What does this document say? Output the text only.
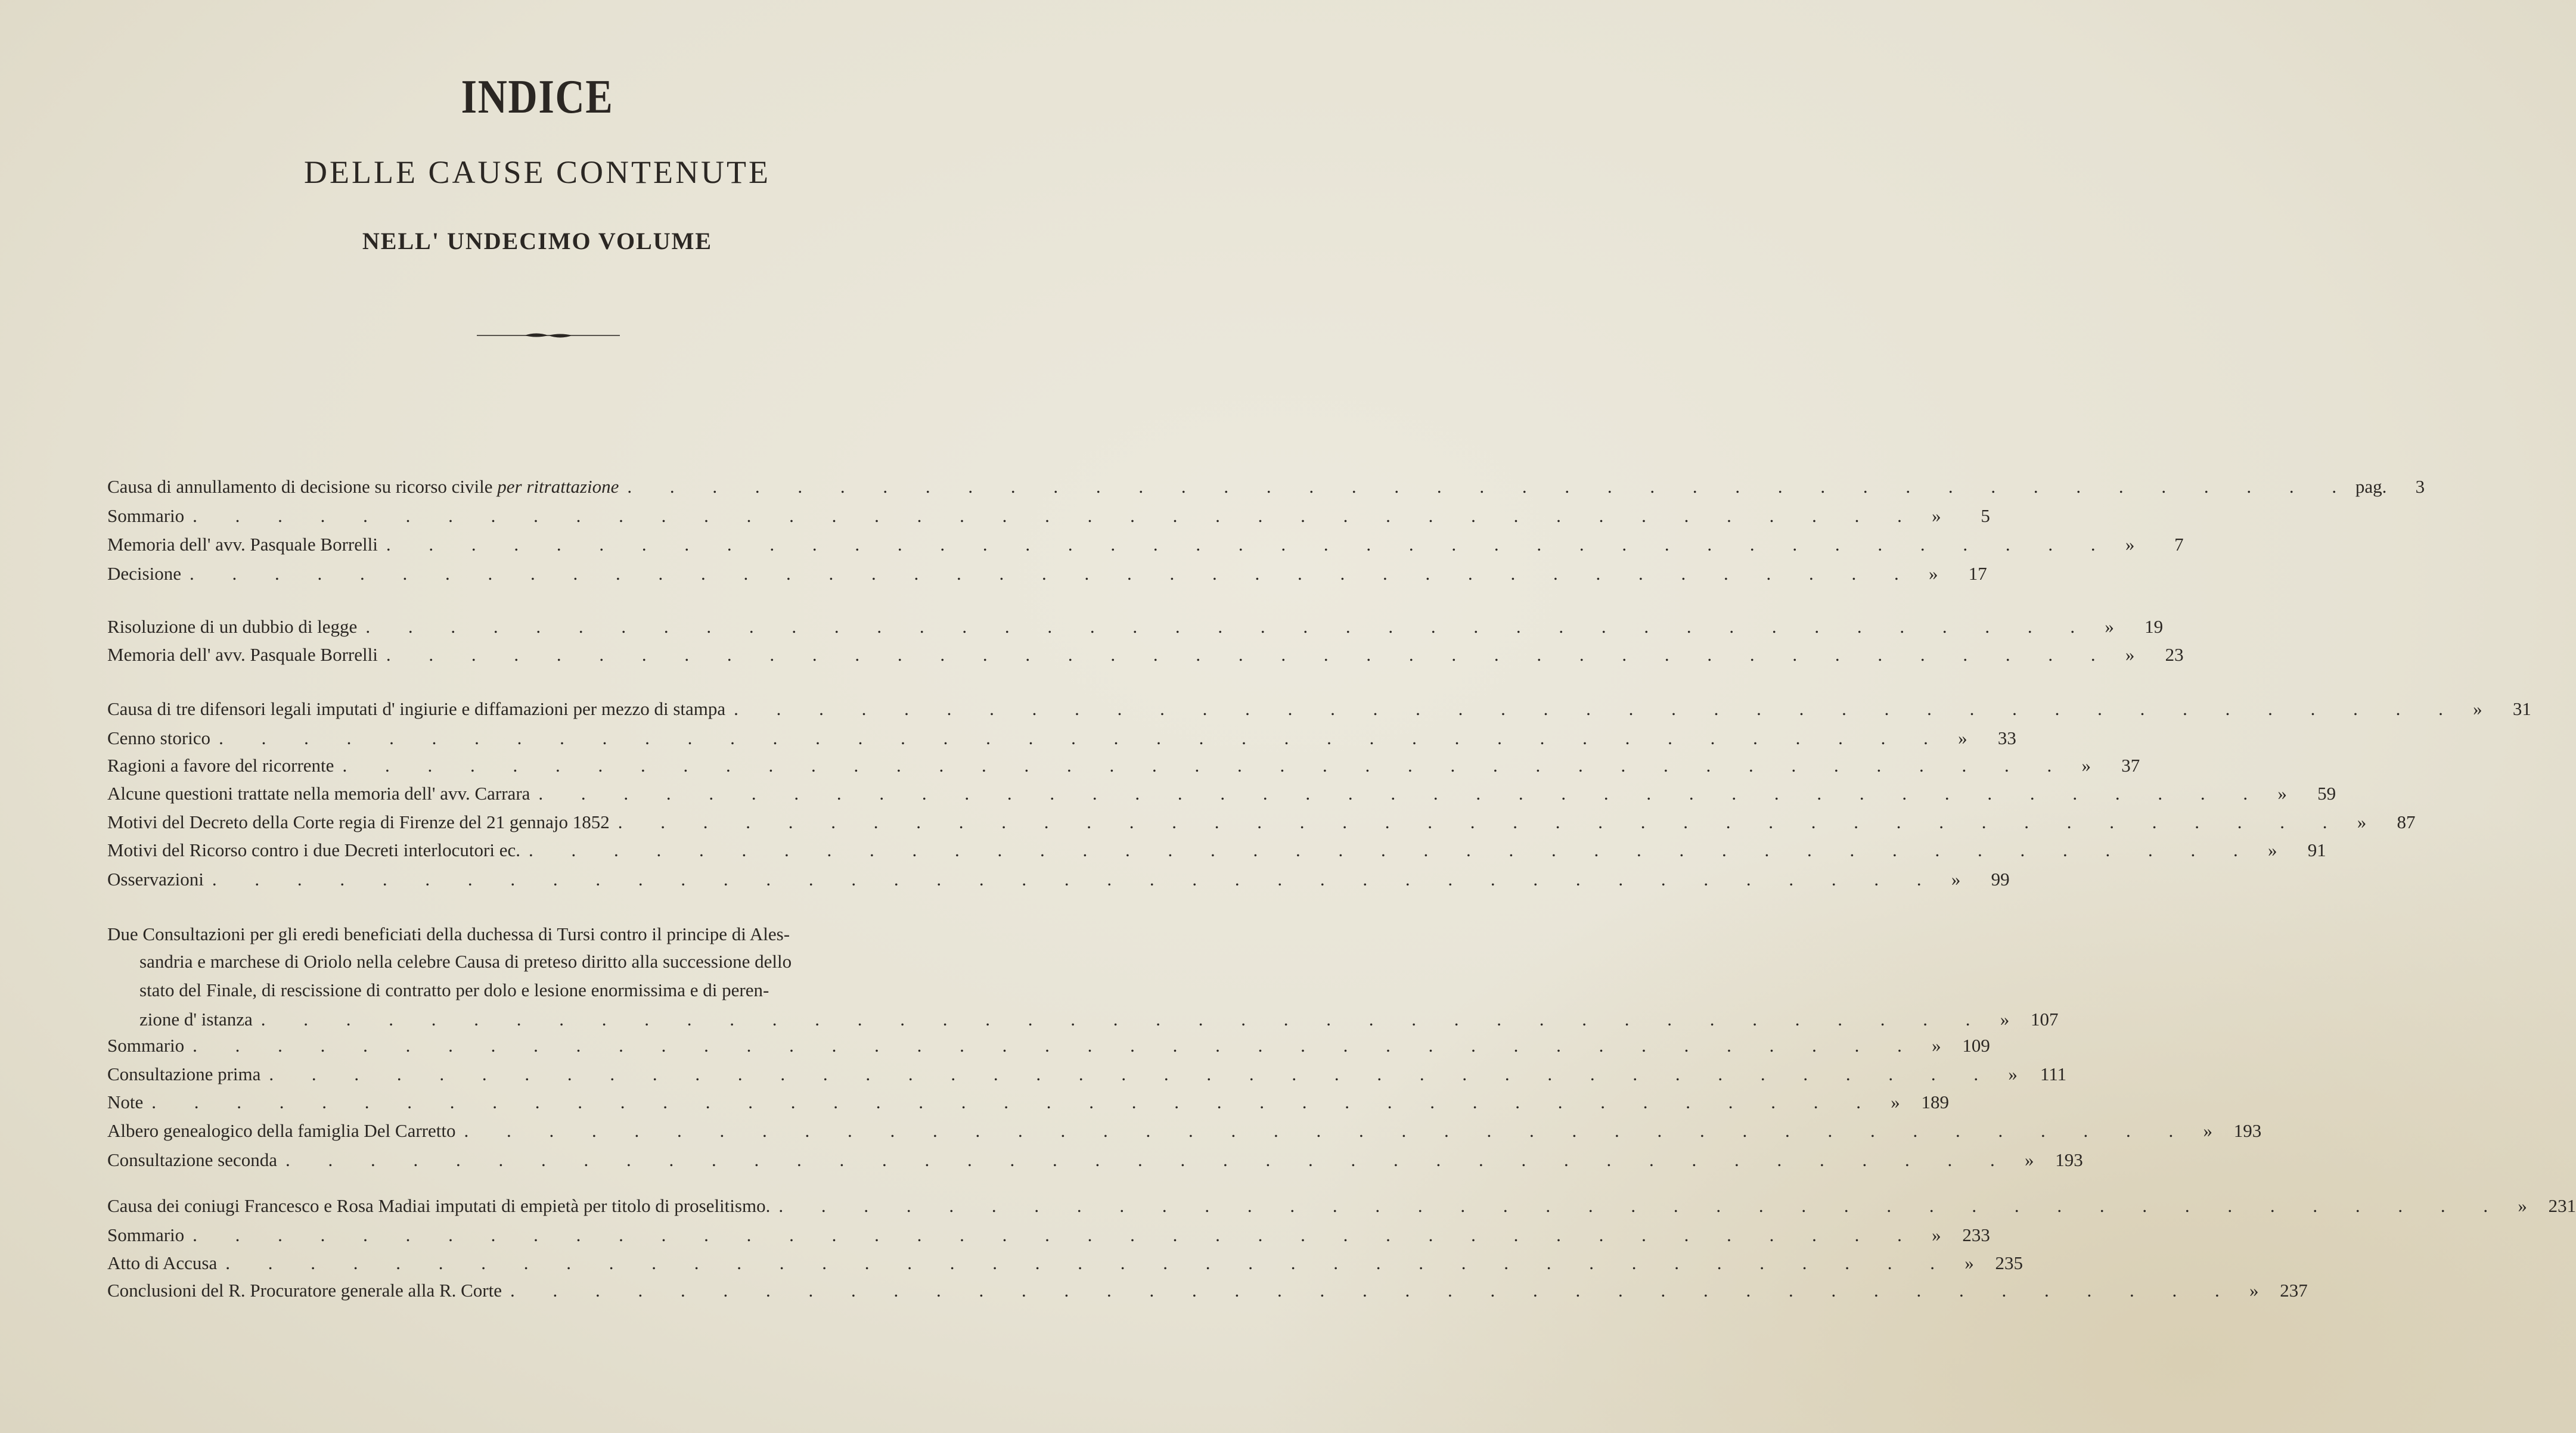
INDICE
DELLE CAUSE CONTENUTE
NELL' UNDECIMO VOLUME
Causa di annullamento di decisione su ricorso civile per ritrattazione . . . . . . . . . . . . . . . . . . . . . . . . . . . . . . . . . . . . . . . . . pag.	3
Sommario . . . . . . . . . . . . . . . . . . . . . . . . . . . . . . . . . . . . . . . . . »	5
Memoria dell' avv. Pasquale Borrelli . . . . . . . . . . . . . . . . . . . . . . . . . . . . . . . . . . . . . . . . . »	7
Decisione . . . . . . . . . . . . . . . . . . . . . . . . . . . . . . . . . . . . . . . . . »	17
Risoluzione di un dubbio di legge . . . . . . . . . . . . . . . . . . . . . . . . . . . . . . . . . . . . . . . . . »	19
Memoria dell' avv. Pasquale Borrelli . . . . . . . . . . . . . . . . . . . . . . . . . . . . . . . . . . . . . . . . . »	23
Causa di tre difensori legali imputati d' ingiurie e diffamazioni per mezzo di stampa . . . . . . . . . . . . . . . . . . . . . . . . . . . . . . . . . . . . . . . . . »	31
Cenno storico . . . . . . . . . . . . . . . . . . . . . . . . . . . . . . . . . . . . . . . . . »	33
Ragioni a favore del ricorrente . . . . . . . . . . . . . . . . . . . . . . . . . . . . . . . . . . . . . . . . . »	37
Alcune questioni trattate nella memoria dell' avv. Carrara . . . . . . . . . . . . . . . . . . . . . . . . . . . . . . . . . . . . . . . . . »	59
Motivi del Decreto della Corte regia di Firenze del 21 gennajo 1852 . . . . . . . . . . . . . . . . . . . . . . . . . . . . . . . . . . . . . . . . . »	87
Motivi del Ricorso contro i due Decreti interlocutori ec. . . . . . . . . . . . . . . . . . . . . . . . . . . . . . . . . . . . . . . . . . »	91
Osservazioni . . . . . . . . . . . . . . . . . . . . . . . . . . . . . . . . . . . . . . . . . »	99
Due Consultazioni per gli eredi beneficiati della duchessa di Tursi contro il principe di Ales-
sandria e marchese di Oriolo nella celebre Causa di preteso diritto alla successione dello
stato del Finale, di rescissione di contratto per dolo e lesione enormissima e di peren-
zione d' istanza . . . . . . . . . . . . . . . . . . . . . . . . . . . . . . . . . . . . . . . . . »	107
Sommario . . . . . . . . . . . . . . . . . . . . . . . . . . . . . . . . . . . . . . . . . »	109
Consultazione prima . . . . . . . . . . . . . . . . . . . . . . . . . . . . . . . . . . . . . . . . . »	111
Note . . . . . . . . . . . . . . . . . . . . . . . . . . . . . . . . . . . . . . . . . »	189
Albero genealogico della famiglia Del Carretto . . . . . . . . . . . . . . . . . . . . . . . . . . . . . . . . . . . . . . . . . »	193
Consultazione seconda . . . . . . . . . . . . . . . . . . . . . . . . . . . . . . . . . . . . . . . . . »	193
Causa dei coniugi Francesco e Rosa Madiai imputati di empietà per titolo di proselitismo. . . . . . . . . . . . . . . . . . . . . . . . . . . . . . . . . . . . . . . . . . »	231
Sommario . . . . . . . . . . . . . . . . . . . . . . . . . . . . . . . . . . . . . . . . . »	233
Atto di Accusa . . . . . . . . . . . . . . . . . . . . . . . . . . . . . . . . . . . . . . . . . »	235
Conclusioni del R. Procuratore generale alla R. Corte . . . . . . . . . . . . . . . . . . . . . . . . . . . . . . . . . . . . . . . . . »	237
